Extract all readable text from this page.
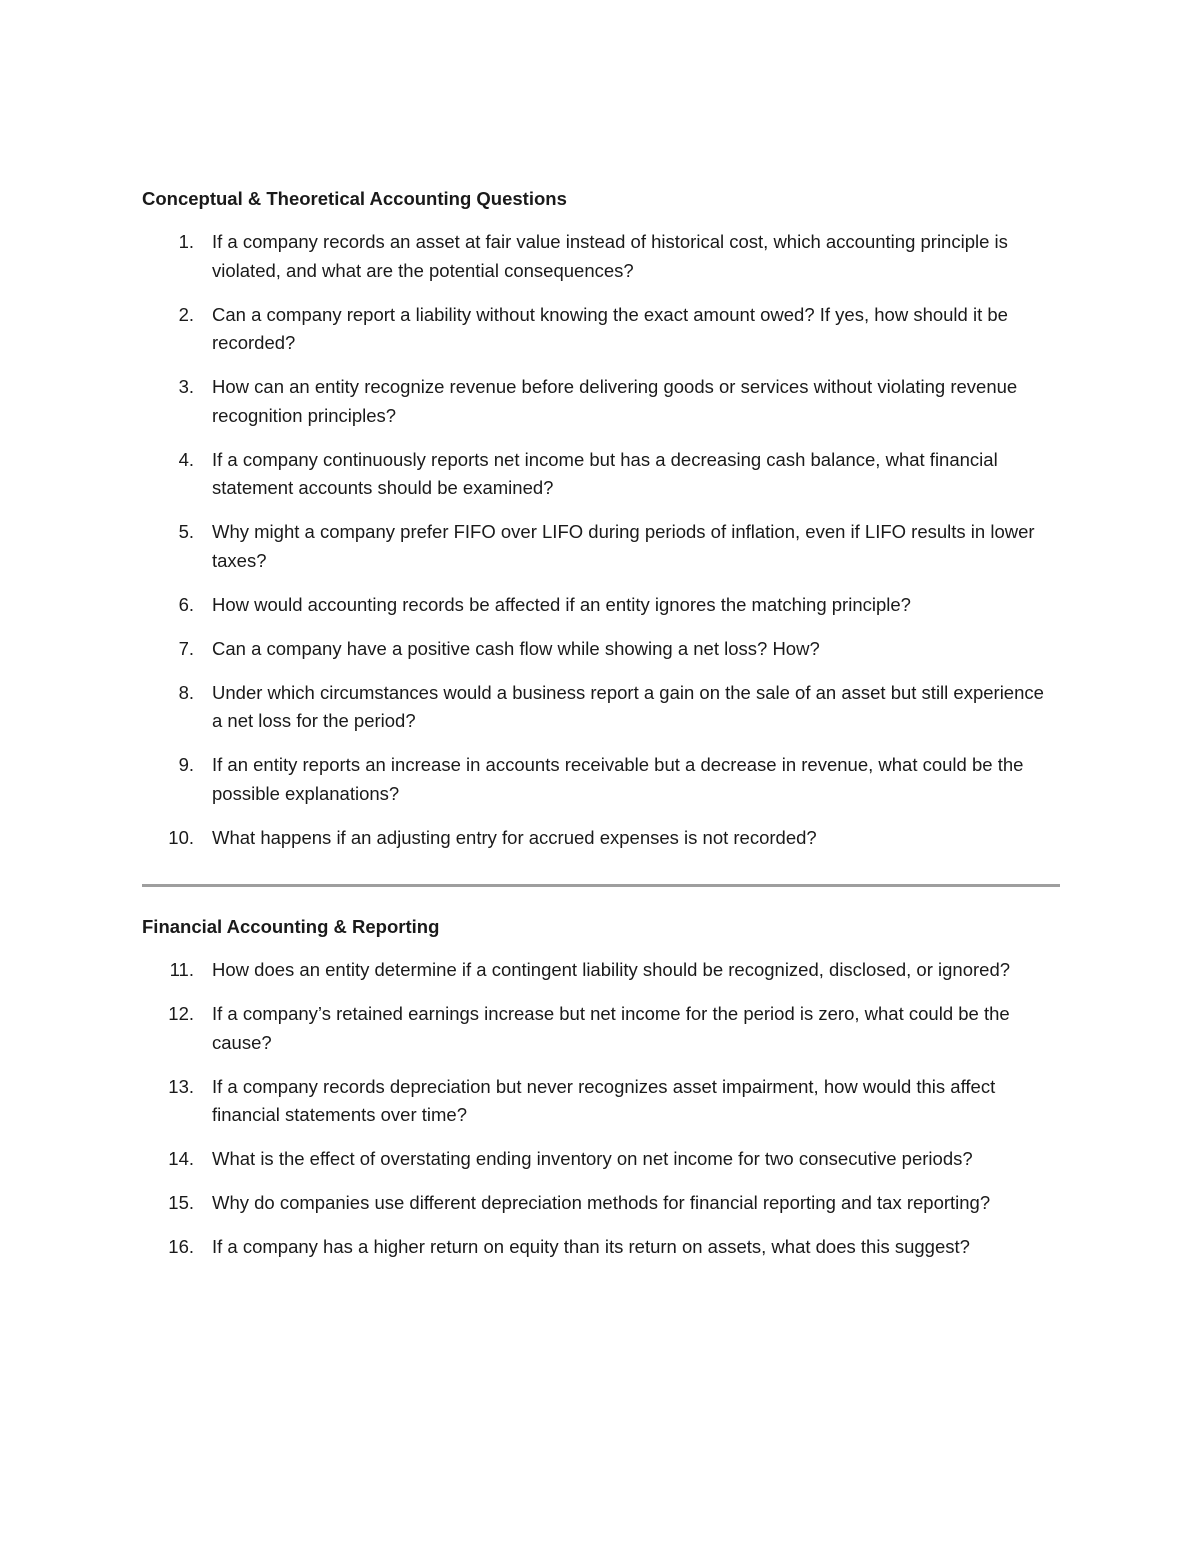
Conceptual & Theoretical Accounting Questions
1. If a company records an asset at fair value instead of historical cost, which accounting principle is violated, and what are the potential consequences?
2. Can a company report a liability without knowing the exact amount owed? If yes, how should it be recorded?
3. How can an entity recognize revenue before delivering goods or services without violating revenue recognition principles?
4. If a company continuously reports net income but has a decreasing cash balance, what financial statement accounts should be examined?
5. Why might a company prefer FIFO over LIFO during periods of inflation, even if LIFO results in lower taxes?
6. How would accounting records be affected if an entity ignores the matching principle?
7. Can a company have a positive cash flow while showing a net loss? How?
8. Under which circumstances would a business report a gain on the sale of an asset but still experience a net loss for the period?
9. If an entity reports an increase in accounts receivable but a decrease in revenue, what could be the possible explanations?
10. What happens if an adjusting entry for accrued expenses is not recorded?
Financial Accounting & Reporting
11. How does an entity determine if a contingent liability should be recognized, disclosed, or ignored?
12. If a company’s retained earnings increase but net income for the period is zero, what could be the cause?
13. If a company records depreciation but never recognizes asset impairment, how would this affect financial statements over time?
14. What is the effect of overstating ending inventory on net income for two consecutive periods?
15. Why do companies use different depreciation methods for financial reporting and tax reporting?
16. If a company has a higher return on equity than its return on assets, what does this suggest?
